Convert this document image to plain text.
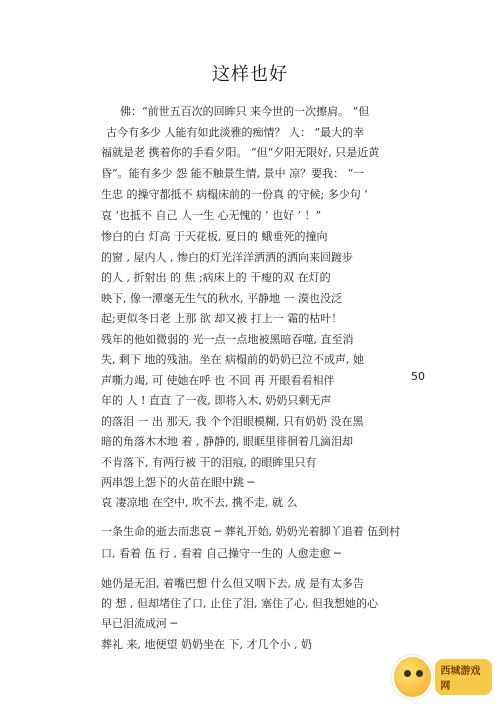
这样也好
佛：“前世五百次的回眸只 来今世的一次擦肩。 ”但
古今有多少 人能有如此淡雅的痴情？ 人： “最大的幸
福就是老 携着你的手看夕阳。 ”但“夕阳无限好, 只是近黄
昏”。能有多少 怨 能不触景生情, 景中 凉？要我： “一
生忠 的操守都抵不 病榻床前的一份真 的守候; 多少句 ‘
哀 ‘也抵不 自己 人一生 心无愧的 ’ 也好 ’ ！”
惨白的白 灯高 于天花板, 夏日的 蛾垂死的撞向
的窗 , 屋内人 , 惨白的灯光洋洋洒洒的洒向来回踱步
的人 , 折射出 的 焦 ;病床上的 干瘦的双 在灯的
映下, 像一潭毫无生气的秋水, 平静地 一 漠也没泛
起;更似冬日老 上那 欲 却又被 打上一 霜的枯叶！
残年的他如微弱的 光一点一点地被黑暗吞噬, 直至消
失, 剩下 地的残油。坐在 病榻前的奶奶已泣不成声, 她
声嘶力竭, 可 使她在呼 也 不回 再 开眼看看相伴
年的 人 ! 直直 了一夜, 即将入木, 奶奶只剩无声
的落泪 一 出 那天, 我 个个泪眼模糊, 只有奶奶 没在黑
暗的角落木木地 着 , 静静的, 眼眶里徘徊着几滴泪却
不肯落下, 有两行被 干的泪痕, 的眼眸里只有
两串怨上怨下的火苗在眼中跳 ─
哀 凄凉地 在空中, 吹不去, 携不走, 就 么
一条生命的逝去而悲哀 ─ 葬礼开始, 奶奶光着脚丫追着 伍到村
口, 看着 伍 行 , 看着 自己操守一生的 人愈走愈 ─
她仍是无泪, 着嘴巴想 什么但又咽下去, 成 是有太多告
的 想 , 但却堵住了口, 止住了泪, 塞住了心, 但我想她的心
早已泪流成河 ─
葬礼 来, 地便望 奶奶坐在 下, 才几个小 , 奶
50
西城游戏网
